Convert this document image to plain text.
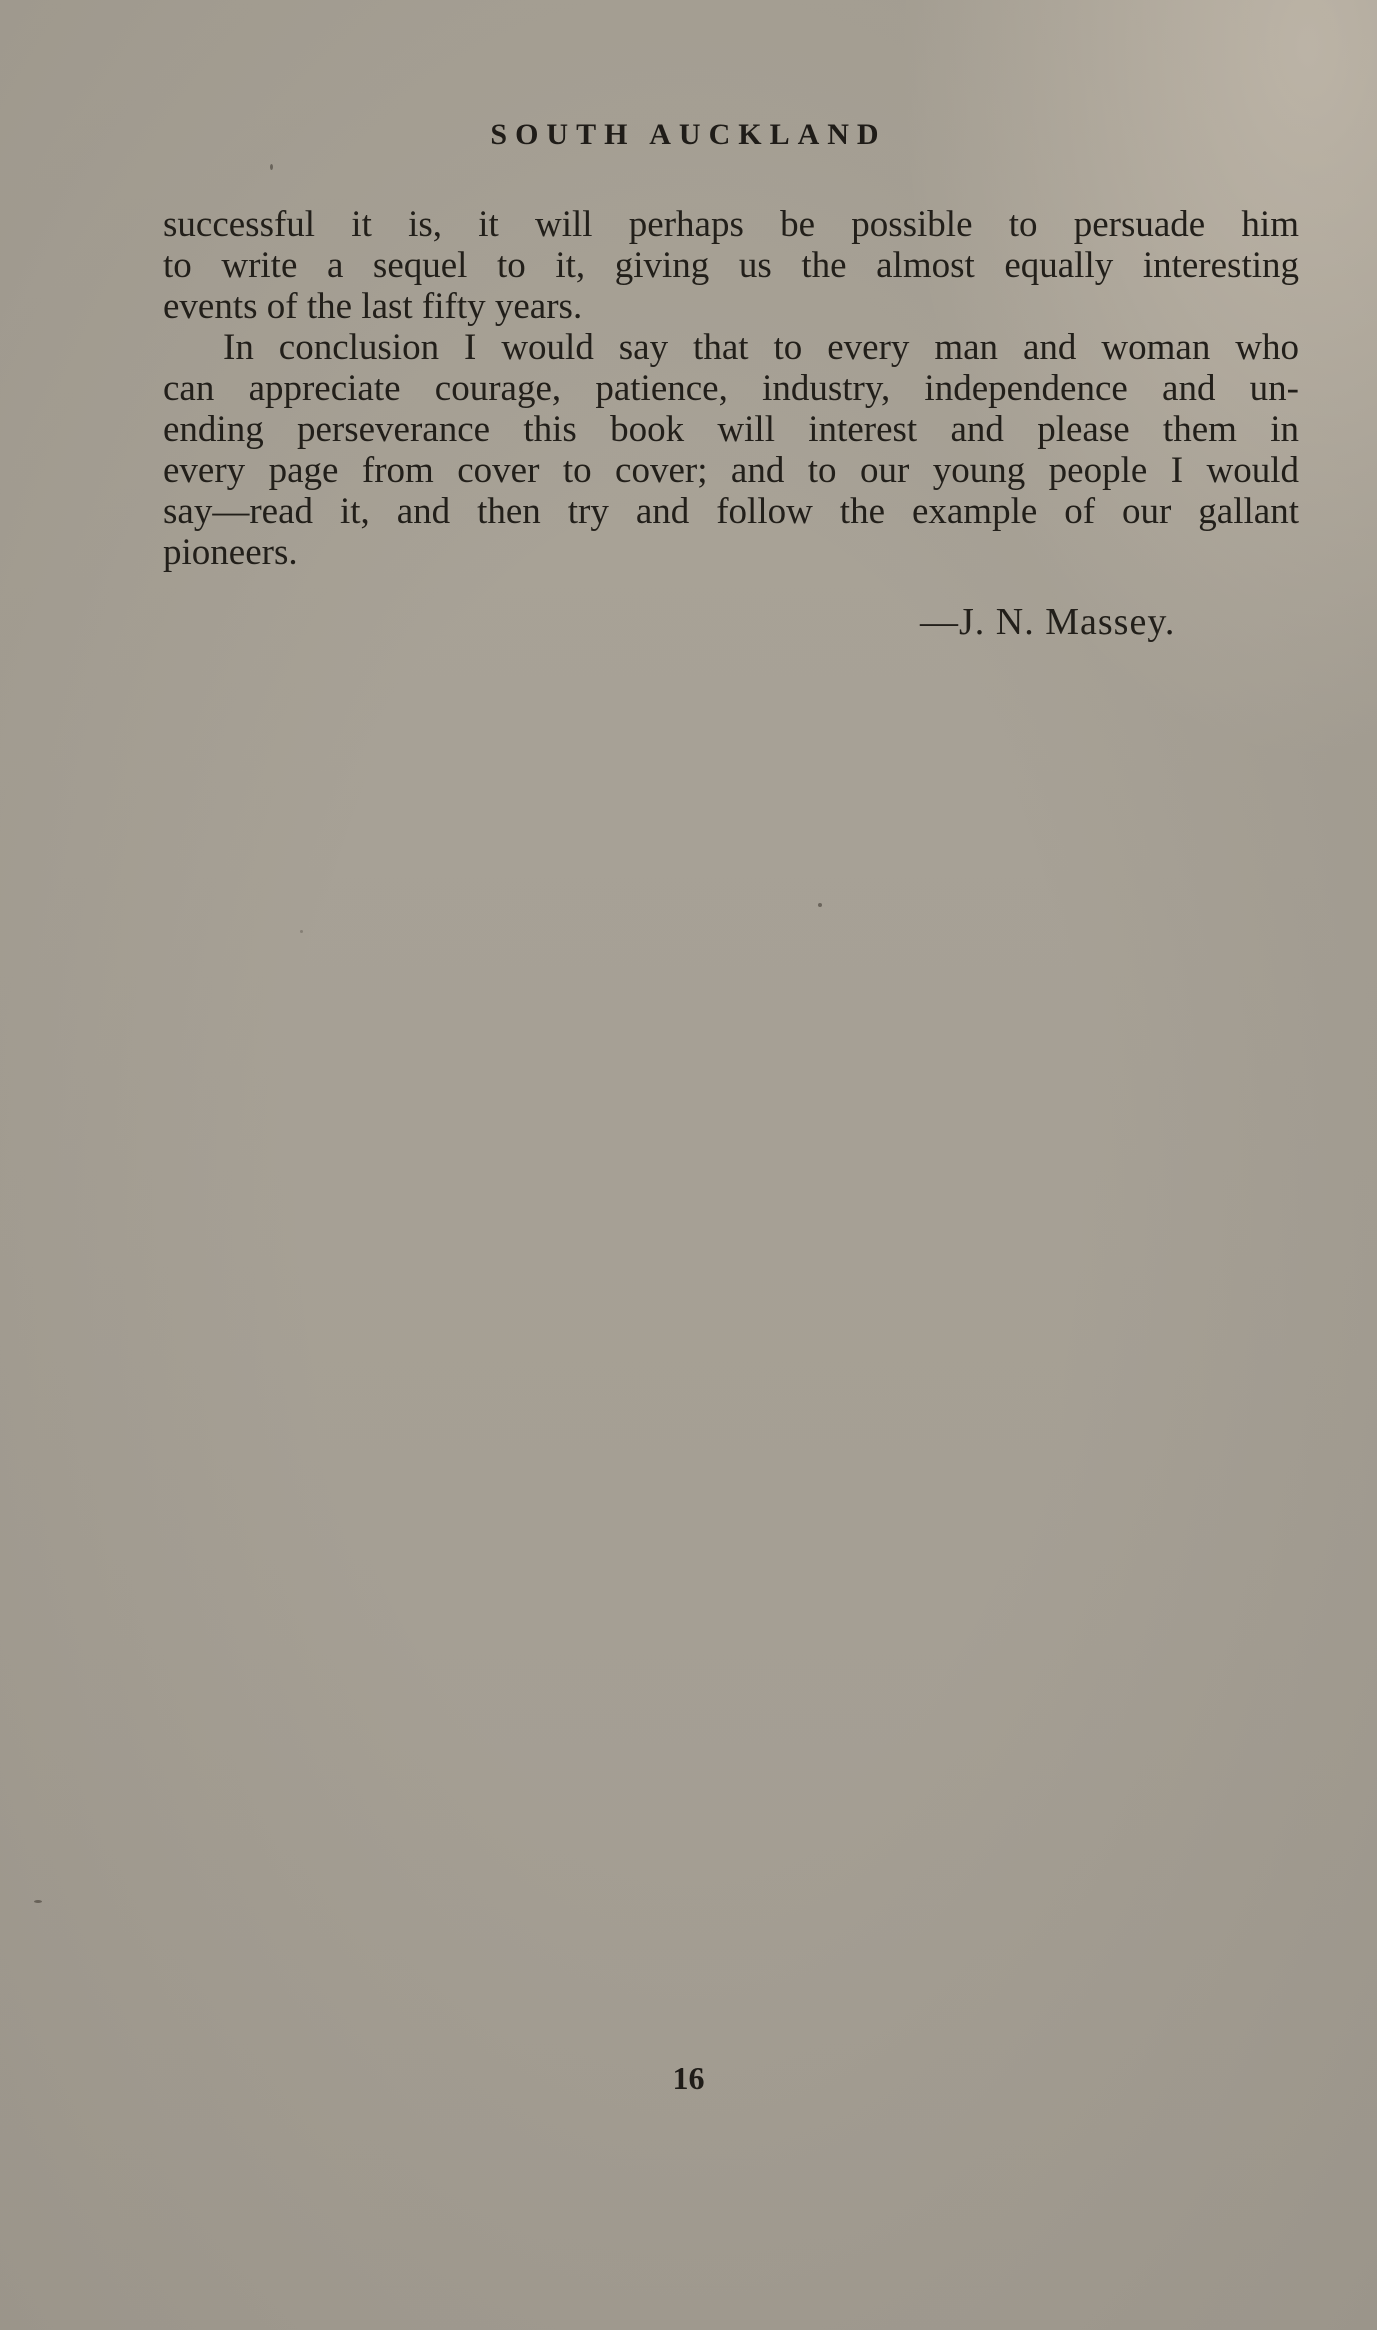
SOUTH AUCKLAND
successful it is, it will perhaps be possible to persuade him
to write a sequel to it, giving us the almost equally interesting
events of the last fifty years.
In conclusion I would say that to every man and woman who
can appreciate courage, patience, industry, independence and un-
ending perseverance this book will interest and please them in
every page from cover to cover; and to our young people I would
say—read it, and then try and follow the example of our gallant
pioneers.
—J. N. Massey.
16
